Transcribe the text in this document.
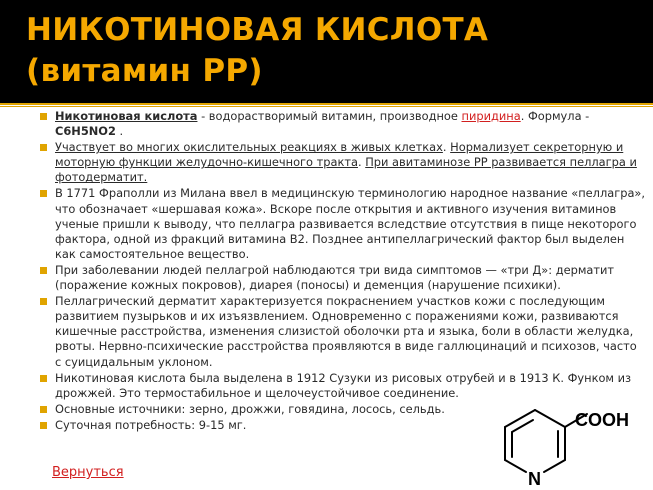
НИКОТИНОВАЯ КИСЛОТА
(витамин РР)
Никотиновая кислота - водорастворимый витамин, производное пиридина. Формула - C6H5NO2 .
Участвует во многих окислительных реакциях в живых клетках. Нормализует секреторную и моторную функции желудочно-кишечного тракта. При авитаминозе РР развивается пеллагра и фотодерматит.
В 1771 Фраполли из Милана ввел в медицинскую терминологию народное название «пеллагра», что обозначает «шершавая кожа». Вскоре после открытия и активного изучения витаминов ученые пришли к выводу, что пеллагра развивается вследствие отсутствия в пище некоторого фактора, одной из фракций витамина В2. Позднее антипеллагрический фактор был выделен как самостоятельное вещество.
При заболевании людей пеллагрой наблюдаются три вида симптомов — «три Д»: дерматит (поражение кожных покровов), диарея (поносы) и деменция (нарушение психики).
Пеллагрический дерматит характеризуется покраснением участков кожи с последующим развитием пузырьков и их изъязвлением. Одновременно с поражениями кожи, развиваются кишечные расстройства, изменения слизистой оболочки рта и языка, боли в области желудка, рвоты. Нервно-психические расстройства проявляются в виде галлюцинаций и психозов, часто с суицидальным уклоном.
Никотиновая кислота была выделена в 1912 Сузуки из рисовых отрубей и в 1913 К. Функом из дрожжей. Это термостабильное и щелочеустойчивое соединение.
Основные источники: зерно, дрожжи, говядина, лосось, сельдь.
Суточная потребность: 9-15 мг.
Вернуться
COOH
N
